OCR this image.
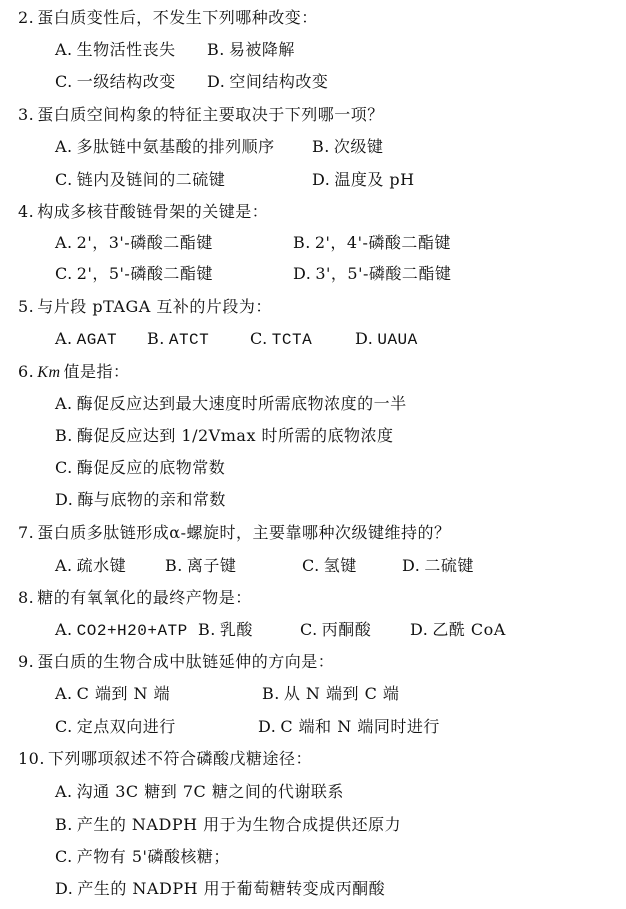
2. 蛋白质变性后，不发生下列哪种改变：
A. 生物活性丧失 B. 易被降解
C. 一级结构改变 D. 空间结构改变
3. 蛋白质空间构象的特征主要取决于下列哪一项？
A. 多肽链中氨基酸的排列顺序 B. 次级键
C. 链内及链间的二硫键	D. 温度及 pH
4. 构成多核苷酸链骨架的关键是：
A. 2'，3'-磷酸二酯键	B. 2'，4'-磷酸二酯键
C. 2'，5'-磷酸二酯键	D. 3'，5'-磷酸二酯键
5. 与片段 pTAGA 互补的片段为：
A. AGAT B. ATCT	C. TCTA	D. UAUA
6. Km 值是指：
A. 酶促反应达到最大速度时所需底物浓度的一半
B. 酶促反应达到 1/2Vmax 时所需的底物浓度
C. 酶促反应的底物常数
D. 酶与底物的亲和常数
7. 蛋白质多肽链形成α-螺旋时，主要靠哪种次级键维持的？
A. 疏水键 B. 离子键	C. 氢键	D. 二硫键
8. 糖的有氧氧化的最终产物是：
A. CO2+H20+ATP B. 乳酸	C. 丙酮酸 D. 乙酰 CoA
9. 蛋白质的生物合成中肽链延伸的方向是：
A. C 端到 N 端	B. 从 N 端到 C 端
C. 定点双向进行	D. C 端和 N 端同时进行
10. 下列哪项叙述不符合磷酸戊糖途径：
A. 沟通 3C 糖到 7C 糖之间的代谢联系
B. 产生的 NADPH 用于为生物合成提供还原力
C. 产物有 5'磷酸核糖；
D. 产生的 NADPH 用于葡萄糖转变成丙酮酸
